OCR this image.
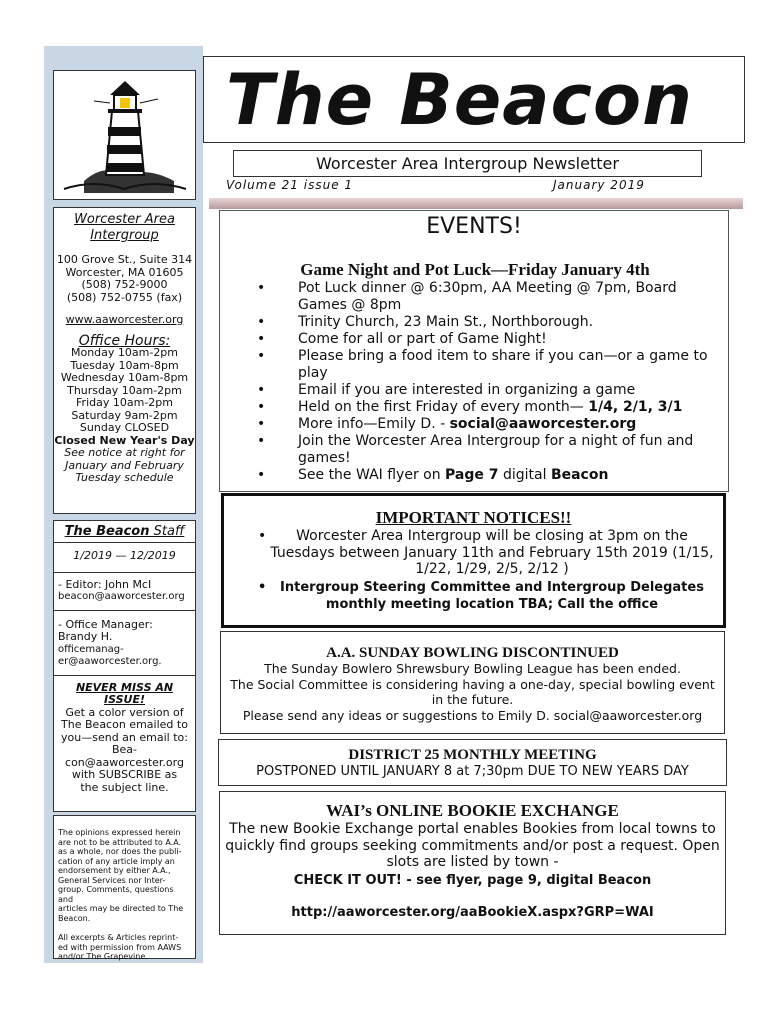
Worcester Area
Intergroup
100 Grove St., Suite 314
Worcester, MA 01605
(508) 752-9000
(508) 752-0755 (fax)
www.aaworcester.org
Office Hours:
Monday 10am-2pm
Tuesday 10am-8pm
Wednesday 10am-8pm
Thursday 10am-2pm
Friday 10am-2pm
Saturday 9am-2pm
Sunday CLOSED
Closed New Year's Day
See notice at right for
January and February
Tuesday schedule
The Beacon Staff
1/2019 — 12/2019
- Editor: John McI
beacon@aaworcester.org
- Office Manager:
Brandy H.
officemanag-
er@aaworcester.org.
NEVER MISS AN
ISSUE!
Get a color version of
The Beacon emailed to
you—send an email to:
Bea-
con@aaworcester.org
with SUBSCRIBE as
the subject line.
The opinions expressed herein
are not to be attributed to A.A.
as a whole, nor does the publi-
cation of any article imply an
endorsement by either A.A.,
General Services nor Inter-
group. Comments, questions and
articles may be directed to The
Beacon.
All excerpts & Articles reprint-
ed with permission from AAWS
and/or The Grapevine.
The Beacon
Worcester Area Intergroup Newsletter
Volume 21 issue 1	January 2019
EVENTS!
Game Night and Pot Luck—Friday January 4th
• Pot Luck dinner @ 6:30pm, AA Meeting @ 7pm, Board Games @ 8pm
• Trinity Church, 23 Main St., Northborough.
• Come for all or part of Game Night!
• Please bring a food item to share if you can—or a game to play
• Email if you are interested in organizing a game
• Held on the first Friday of every month— 1/4, 2/1, 3/1
• More info—Emily D. - social@aaworcester.org
• Join the Worcester Area Intergroup for a night of fun and games!
• See the WAI flyer on Page 7 digital Beacon
IMPORTANT NOTICES!!
• Worcester Area Intergroup will be closing at 3pm on the Tuesdays between January 11th and February 15th 2019 (1/15, 1/22, 1/29, 2/5, 2/12 )
• Intergroup Steering Committee and Intergroup Delegates monthly meeting location TBA; Call the office
A.A. SUNDAY BOWLING DISCONTINUED
The Sunday Bowlero Shrewsbury Bowling League has been ended.
The Social Committee is considering having a one-day, special bowling event in the future.
Please send any ideas or suggestions to Emily D. social@aaworcester.org
DISTRICT 25 MONTHLY MEETING
POSTPONED UNTIL JANUARY 8 at 7;30pm DUE TO NEW YEARS DAY
WAI’s ONLINE BOOKIE EXCHANGE
The new Bookie Exchange portal enables Bookies from local towns to quickly find groups seeking commitments and/or post a request. Open slots are listed by town -
CHECK IT OUT! - see flyer, page 9, digital Beacon
http://aaworcester.org/aaBookieX.aspx?GRP=WAI
